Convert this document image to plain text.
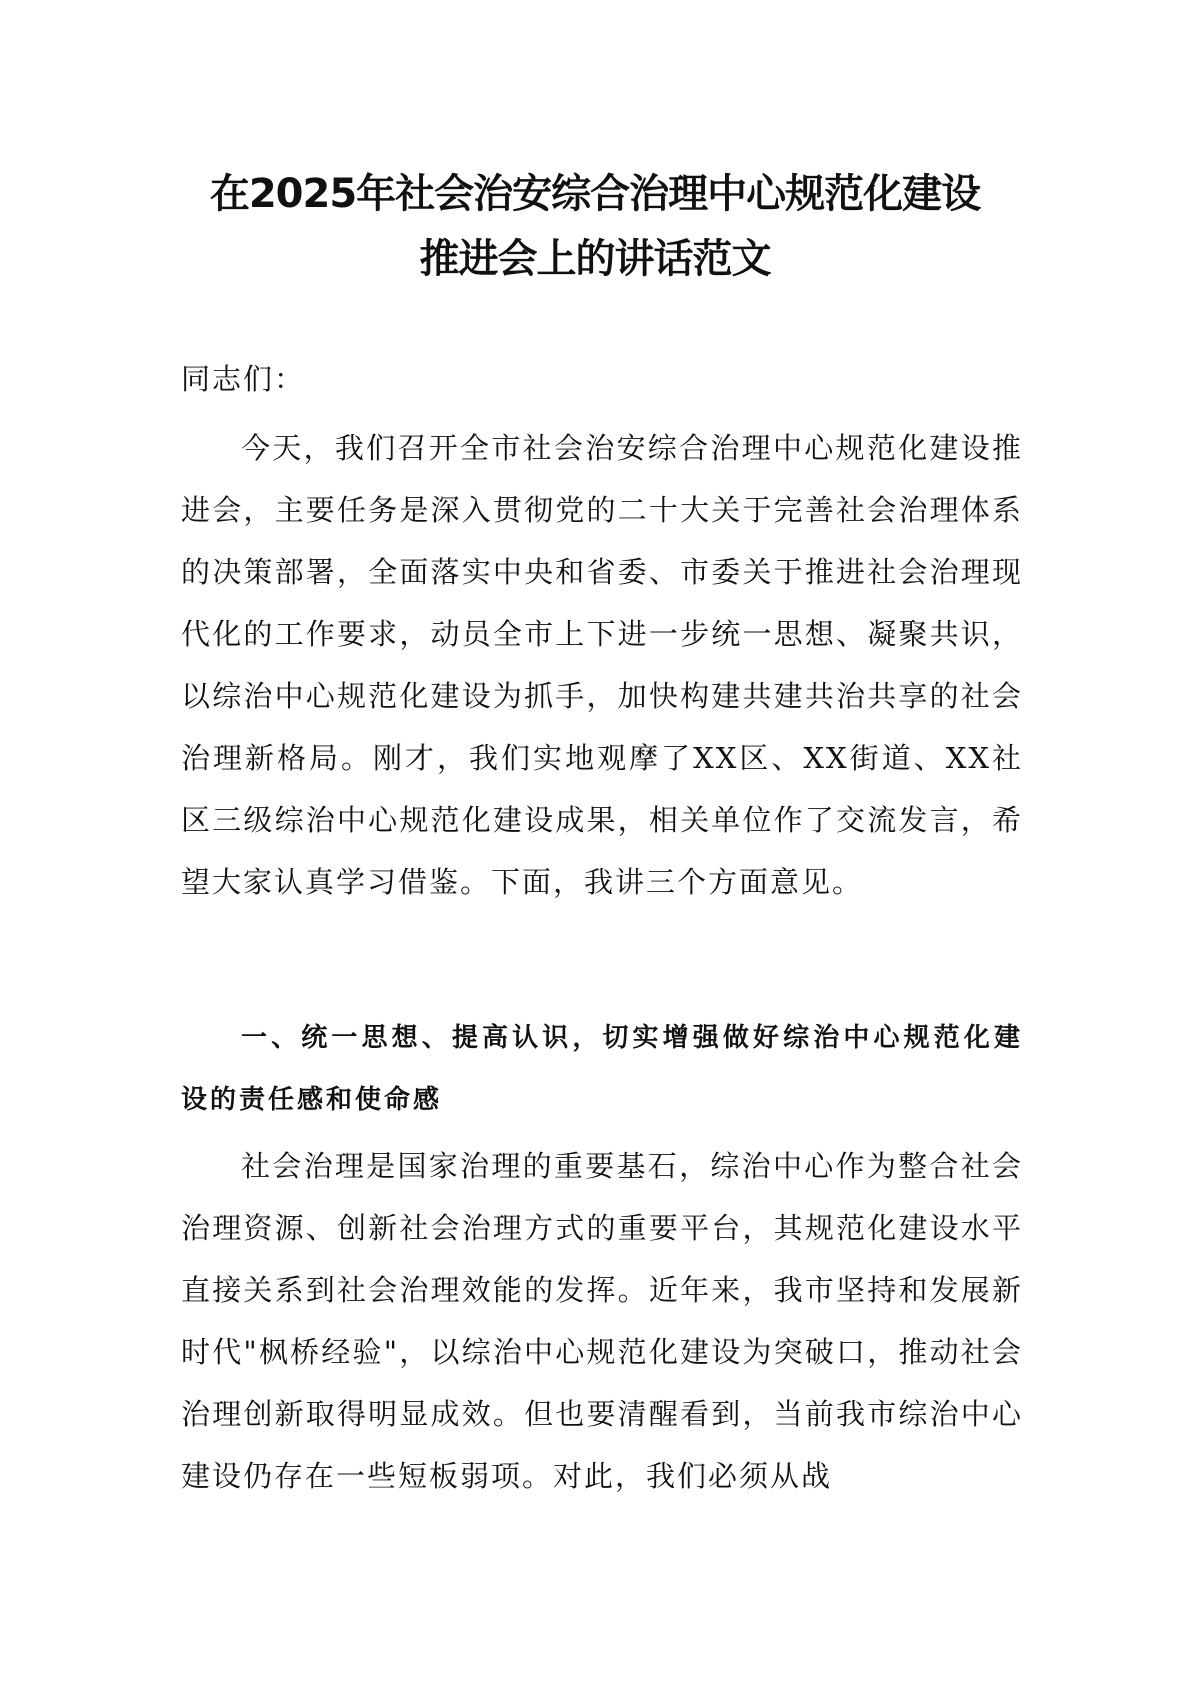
在2025年社会治安综合治理中心规范化建设
推进会上的讲话范文

同志们：

今天，我们召开全市社会治安综合治理中心规范化建设推进会，主要任务是深入贯彻党的二十大关于完善社会治理体系的决策部署，全面落实中央和省委、市委关于推进社会治理现代化的工作要求，动员全市上下进一步统一思想、凝聚共识，以综治中心规范化建设为抓手，加快构建共建共治共享的社会治理新格局。刚才，我们实地观摩了XX区、XX街道、XX社区三级综治中心规范化建设成果，相关单位作了交流发言，希望大家认真学习借鉴。下面，我讲三个方面意见。

一、统一思想、提高认识，切实增强做好综治中心规范化建设的责任感和使命感

社会治理是国家治理的重要基石，综治中心作为整合社会治理资源、创新社会治理方式的重要平台，其规范化建设水平直接关系到社会治理效能的发挥。近年来，我市坚持和发展新时代"枫桥经验"，以综治中心规范化建设为突破口，推动社会治理创新取得明显成效。但也要清醒看到，当前我市综治中心建设仍存在一些短板弱项。对此，我们必须从战
